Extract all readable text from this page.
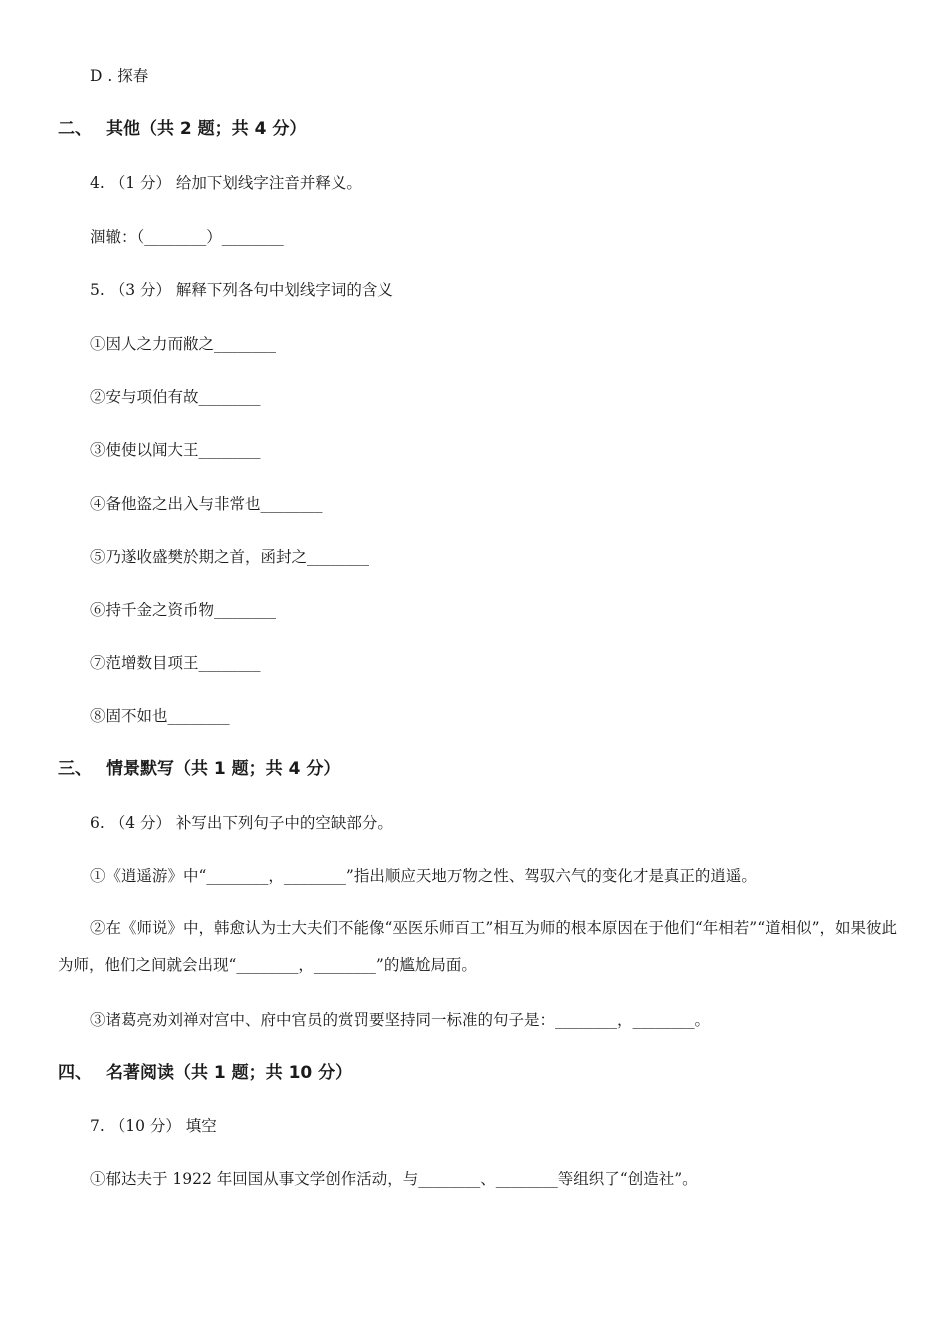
D . 探春
二、 其他（共 2 题；共 4 分）
4. （1 分） 给加下划线字注音并释义。
涸辙：（________）________
5. （3 分） 解释下列各句中划线字词的含义
①因人之力而敝之________
②安与项伯有故________
③使使以闻大王________
④备他盗之出入与非常也________
⑤乃遂收盛樊於期之首，函封之________
⑥持千金之资币物________
⑦范增数目项王________
⑧固不如也________
三、 情景默写（共 1 题；共 4 分）
6. （4 分） 补写出下列句子中的空缺部分。
①《逍遥游》中“________，________”指出顺应天地万物之性、驾驭六气的变化才是真正的逍遥。
②在《师说》中，韩愈认为士大夫们不能像“巫医乐师百工”相互为师的根本原因在于他们“年相若”“道相似”，如果彼此为师，他们之间就会出现“________，________”的尴尬局面。
③诸葛亮劝刘禅对宫中、府中官员的赏罚要坚持同一标准的句子是：________，________。
四、 名著阅读（共 1 题；共 10 分）
7. （10 分） 填空
①郁达夫于 1922 年回国从事文学创作活动，与________、________等组织了“创造社”。
